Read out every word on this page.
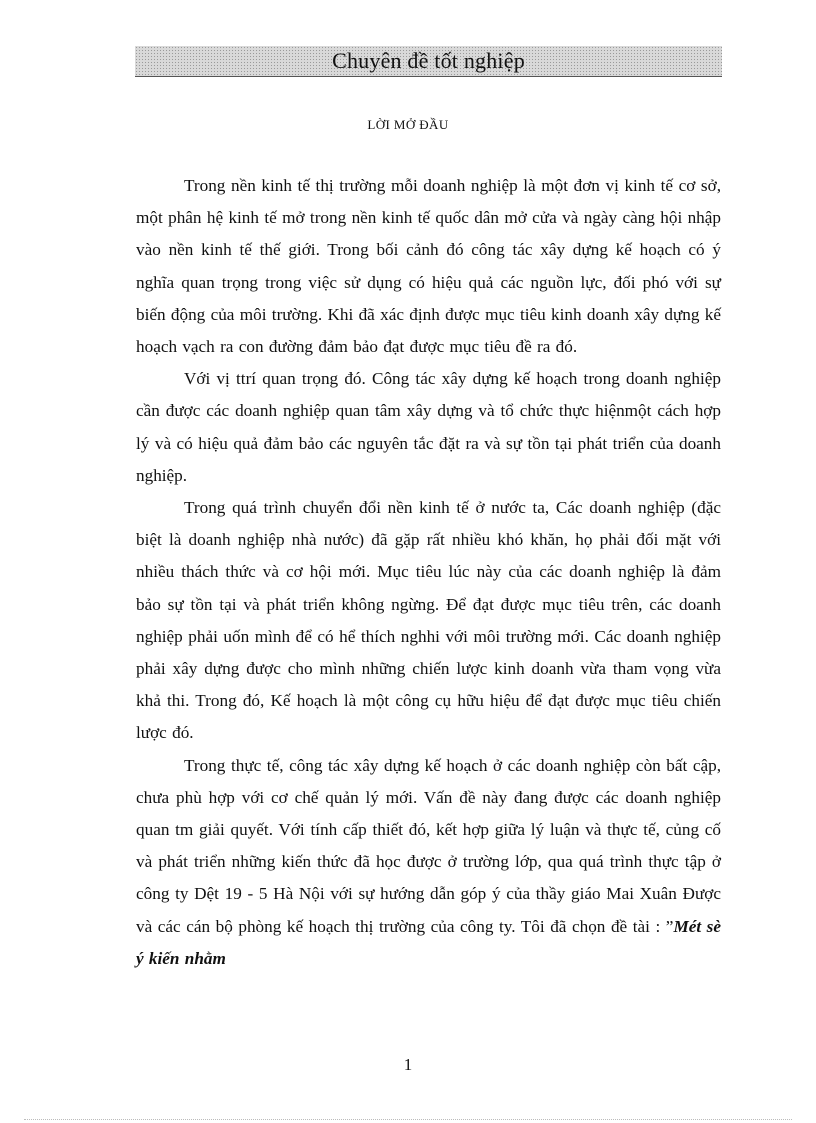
Chuyên đề tốt nghiệp
LỜI MỞ ĐẦU

Trong nền kinh tế thị trường mỗi doanh nghiệp là một đơn vị kinh tế cơ sở, một phân hệ kinh tế mở trong nền kinh tế quốc dân mở cửa và ngày càng hội nhập vào nền kinh tế thế giới. Trong bối cảnh đó công tác xây dựng kế hoạch có ý nghĩa quan trọng trong việc sử dụng có hiệu quả các nguồn lực, đối phó với sự biến động của môi trường. Khi đã xác định được mục tiêu kinh doanh xây dựng kế hoạch vạch ra con đường đảm bảo đạt được mục tiêu đề ra đó.

Với vị ttrí quan trọng đó. Công tác xây dựng kế hoạch trong doanh nghiệp cần được các doanh nghiệp quan tâm xây dựng và tổ chức thực hiệnmột cách hợp lý và có hiệu quả đảm bảo các nguyên tắc đặt ra và sự tồn tại phát triển của doanh nghiệp.

Trong quá trình chuyển đổi nền kinh tế ở nước ta, Các doanh nghiệp (đặc biệt là doanh nghiệp nhà nước) đã gặp rất nhiều khó khăn, họ phải đối mặt với nhiều thách thức và cơ hội mới. Mục tiêu lúc này của các doanh nghiệp là đảm bảo sự tồn tại và phát triển không ngừng. Để đạt được mục tiêu trên, các doanh nghiệp phải uốn mình để có hể thích nghhi với môi trường mới. Các doanh nghiệp phải xây dựng được cho mình những chiến lược kinh doanh vừa tham vọng vừa khả thi. Trong đó, Kế hoạch là một công cụ hữu hiệu để đạt được mục tiêu chiến lược đó.

Trong thực tế, công tác xây dựng kế hoạch ở các doanh nghiệp còn bất cập, chưa phù hợp với cơ chế quản lý mới. Vấn đề này đang được các doanh nghiệp quan tm giải quyết. Với tính cấp thiết đó, kết hợp giữa lý luận và thực tế, củng cố và phát triển những kiến thức đã học được ở trường lớp, qua quá trình thực tập ở công ty Dệt 19 - 5 Hà Nội với sự hướng dẫn góp ý của thầy giáo Mai Xuân Được và các cán bộ phòng kế hoạch thị trường của công ty. Tôi đã chọn đề tài : ”Mét sè ý kiến nhằm

1
